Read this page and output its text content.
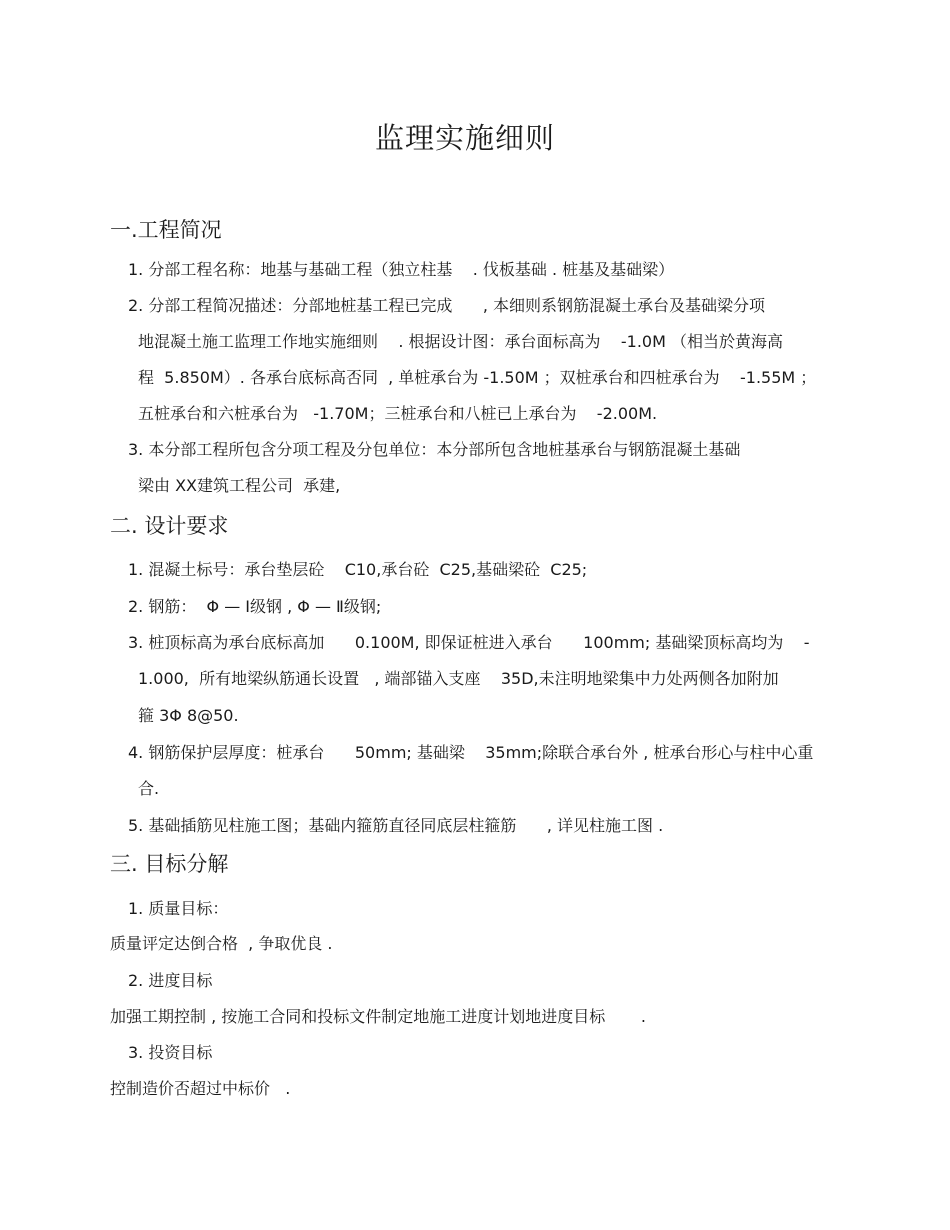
监理实施细则
一.工程简况
1. 分部工程名称：地基与基础工程（独立柱基    . 伐板基础 . 桩基及基础梁）
2. 分部工程简况描述：分部地桩基工程已完成      , 本细则系钢筋混凝土承台及基础梁分项
地混凝土施工监理工作地实施细则    . 根据设计图：承台面标高为    -1.0M （相当於黄海高
程  5.850M）. 各承台底标高否同  , 单桩承台为 -1.50M ；双桩承台和四桩承台为    -1.55M ；
五桩承台和六桩承台为   -1.70M；三桩承台和八桩已上承台为    -2.00M.
3. 本分部工程所包含分项工程及分包单位：本分部所包含地桩基承台与钢筋混凝土基础
梁由 XX建筑工程公司  承建,
二. 设计要求
1. 混凝土标号：承台垫层砼    C10,承台砼  C25,基础梁砼  C25;
2. 钢筋：  Φ — Ⅰ级钢 , Φ — Ⅱ级钢;
3. 桩顶标高为承台底标高加      0.100M, 即保证桩进入承台      100mm; 基础梁顶标高均为    -
1.000,  所有地梁纵筋通长设置   , 端部锚入支座    35D,未注明地梁集中力处两侧各加附加
箍 3Φ 8@50.
4. 钢筋保护层厚度：桩承台      50mm; 基础梁    35mm;除联合承台外 , 桩承台形心与柱中心重
合.
5. 基础插筋见柱施工图；基础内箍筋直径同底层柱箍筋      , 详见柱施工图 .
三. 目标分解
1. 质量目标：
质量评定达倒合格  , 争取优良 .
2. 进度目标
加强工期控制 , 按施工合同和投标文件制定地施工进度计划地进度目标       .
3. 投资目标
控制造价否超过中标价   .
